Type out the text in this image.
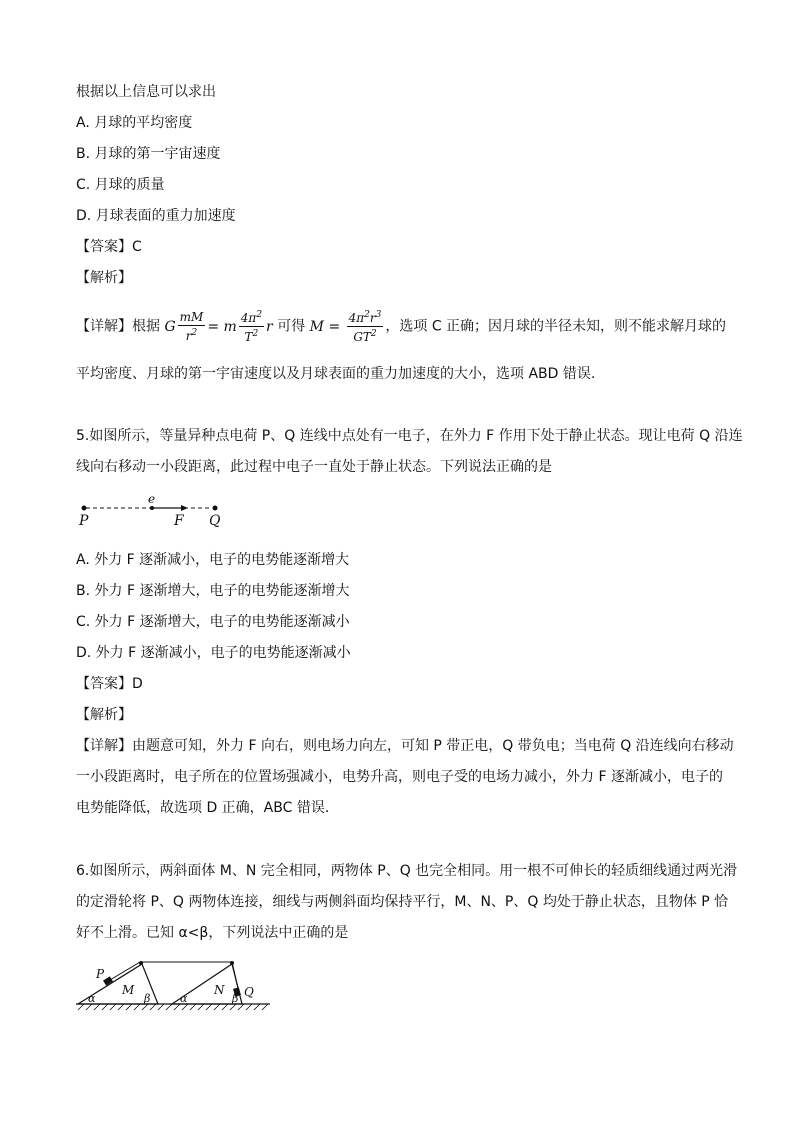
根据以上信息可以求出
A. 月球的平均密度
B. 月球的第一宇宙速度
C. 月球的质量
D. 月球表面的重力加速度
【答案】C
【解析】
【详解】根据 G $\frac{mM}{r^2} = m \frac{4\pi^2}{T^2}$ r 可得 $M = \frac{4\pi^2r^3}{GT^2}$ ，选项 C 正确；因月球的半径未知，则不能求解月球的
平均密度、月球的第一宇宙速度以及月球表面的重力加速度的大小，选项 ABD 错误.
5.如图所示，等量异种点电荷 P、Q 连线中点处有一电子，在外力 F 作用下处于静止状态。现让电荷 Q 沿连
线向右移动一小段距离，此过程中电子一直处于静止状态。下列说法正确的是
P
e
F Q
A. 外力 F 逐渐减小，电子的电势能逐渐增大
B. 外力 F 逐渐增大，电子的电势能逐渐增大
C. 外力 F 逐渐增大，电子的电势能逐渐减小
D. 外力 F 逐渐减小，电子的电势能逐渐减小
【答案】D
【解析】
【详解】由题意可知，外力 F 向右，则电场力向左，可知 P 带正电，Q 带负电；当电荷 Q 沿连线向右移动
一小段距离时，电子所在的位置场强减小，电势升高，则电子受的电场力减小，外力 F 逐渐减小，电子的
电势能降低，故选项 D 正确，ABC 错误.
6.如图所示，两斜面体 M、N 完全相同，两物体 P、Q 也完全相同。用一根不可伸长的轻质细线通过两光滑
的定滑轮将 P、Q 两物体连接，细线与两侧斜面均保持平行，M、N、P、Q 均处于静止状态，且物体 P 恰
好不上滑。已知 α<β，下列说法中正确的是
P
M
α	β	α
N
β Q
